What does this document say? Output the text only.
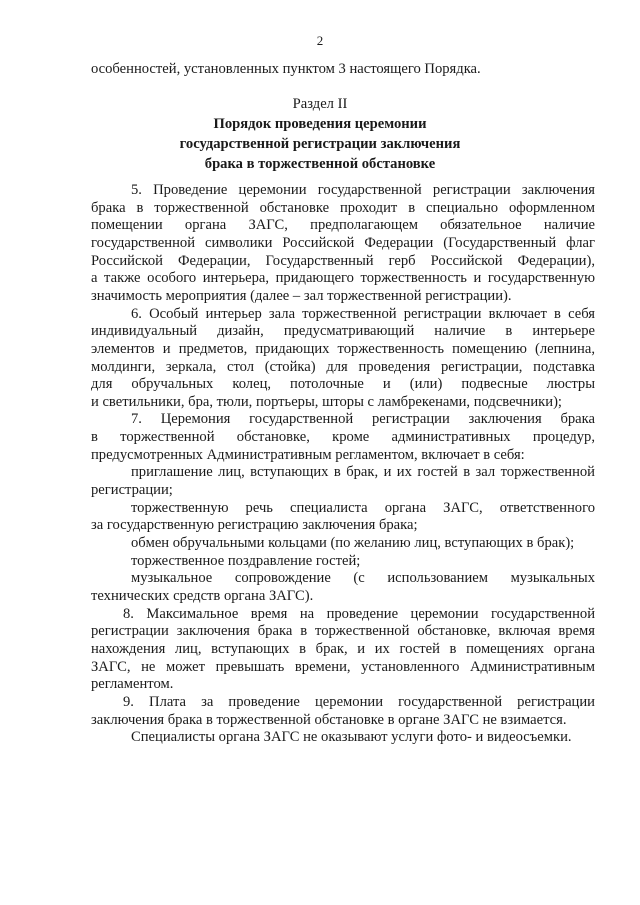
2
особенностей, установленных пунктом 3 настоящего Порядка.
Раздел II
Порядок проведения церемонии
государственной регистрации заключения
брака в торжественной обстановке
5. Проведение церемонии государственной регистрации заключения
брака в торжественной обстановке проходит в специально оформленном
помещении органа ЗАГС, предполагающем обязательное наличие
государственной символики Российской Федерации (Государственный флаг
Российской Федерации, Государственный герб Российской Федерации),
а также особого интерьера, придающего торжественность и государственную
значимость мероприятия (далее – зал торжественной регистрации).
6. Особый интерьер зала торжественной регистрации включает в себя
индивидуальный дизайн, предусматривающий наличие в интерьере
элементов и предметов, придающих торжественность помещению (лепнина,
молдинги, зеркала, стол (стойка) для проведения регистрации, подставка
для обручальных колец, потолочные и (или) подвесные люстры
и светильники, бра, тюли, портьеры, шторы с ламбрекенами, подсвечники);
7. Церемония государственной регистрации заключения брака
в торжественной обстановке, кроме административных процедур,
предусмотренных Административным регламентом, включает в себя:
приглашение лиц, вступающих в брак, и их гостей в зал торжественной
регистрации;
торжественную речь специалиста органа ЗАГС, ответственного
за государственную регистрацию заключения брака;
обмен обручальными кольцами (по желанию лиц, вступающих в брак);
торжественное поздравление гостей;
музыкальное сопровождение (с использованием музыкальных
технических средств органа ЗАГС).
8. Максимальное время на проведение церемонии государственной
регистрации заключения брака в торжественной обстановке, включая время
нахождения лиц, вступающих в брак, и их гостей в помещениях органа
ЗАГС, не может превышать времени, установленного Административным
регламентом.
9. Плата за проведение церемонии государственной регистрации
заключения брака в торжественной обстановке в органе ЗАГС не взимается.
Специалисты органа ЗАГС не оказывают услуги фото- и видеосъемки.
